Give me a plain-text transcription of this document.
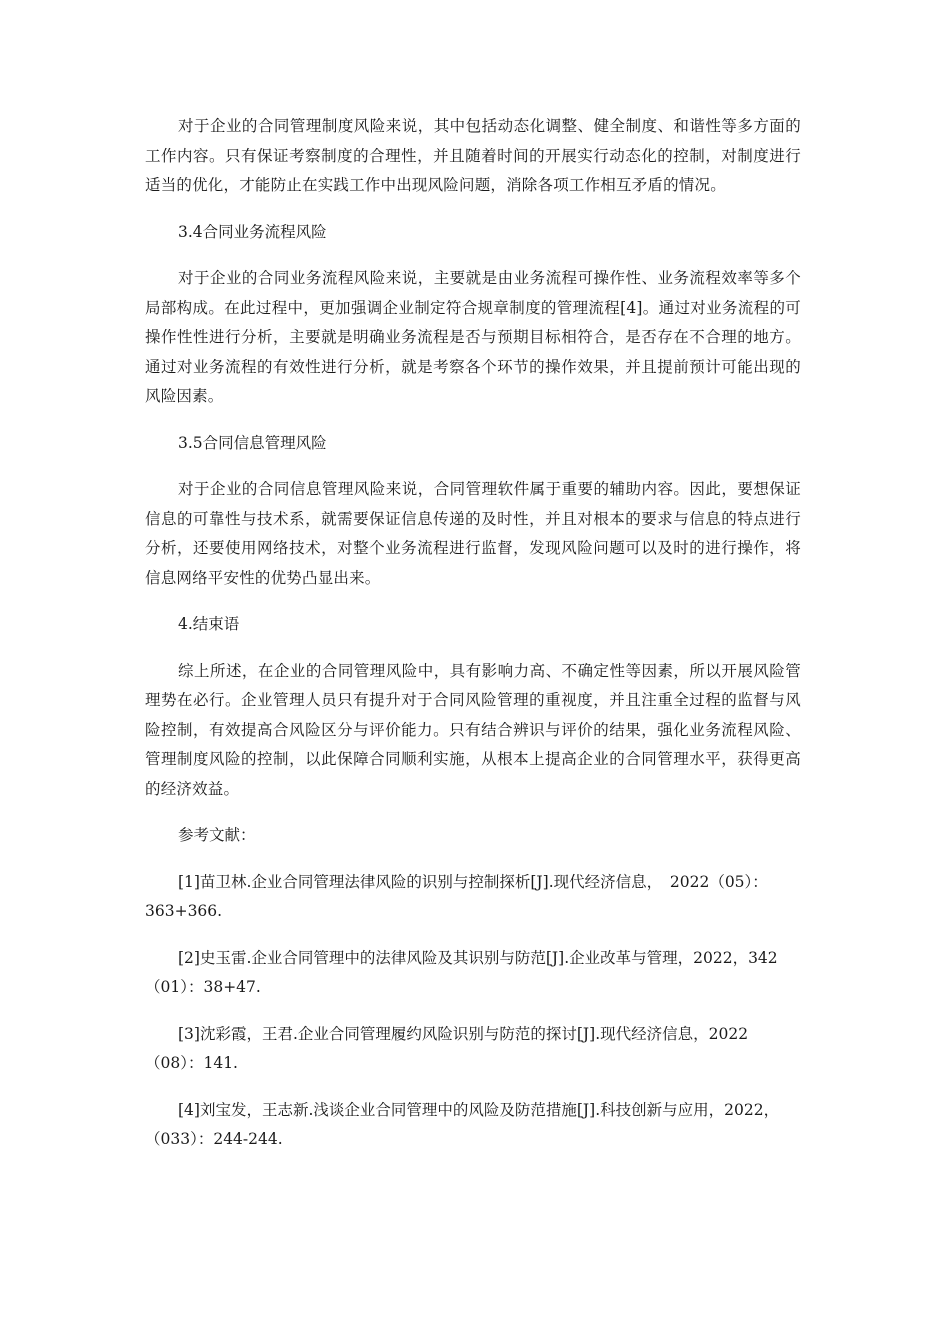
对于企业的合同管理制度风险来说，其中包括动态化调整、健全制度、和谐性等多方面的工作内容。只有保证考察制度的合理性，并且随着时间的开展实行动态化的控制，对制度进行适当的优化，才能防止在实践工作中出现风险问题，消除各项工作相互矛盾的情况。

3.4合同业务流程风险

对于企业的合同业务流程风险来说，主要就是由业务流程可操作性、业务流程效率等多个局部构成。在此过程中，更加强调企业制定符合规章制度的管理流程[4]。通过对业务流程的可操作性性进行分析，主要就是明确业务流程是否与预期目标相符合，是否存在不合理的地方。通过对业务流程的有效性进行分析，就是考察各个环节的操作效果，并且提前预计可能出现的风险因素。

3.5合同信息管理风险

对于企业的合同信息管理风险来说，合同管理软件属于重要的辅助内容。因此，要想保证信息的可靠性与技术系，就需要保证信息传递的及时性，并且对根本的要求与信息的特点进行分析，还要使用网络技术，对整个业务流程进行监督，发现风险问题可以及时的进行操作，将信息网络平安性的优势凸显出来。

4.结束语

综上所述，在企业的合同管理风险中，具有影响力高、不确定性等因素，所以开展风险管理势在必行。企业管理人员只有提升对于合同风险管理的重视度，并且注重全过程的监督与风险控制，有效提高合风险区分与评价能力。只有结合辨识与评价的结果，强化业务流程风险、管理制度风险的控制，以此保障合同顺利实施，从根本上提高企业的合同管理水平，获得更高的经济效益。

参考文献：

[1]苗卫林.企业合同管理法律风险的识别与控制探析[J].现代经济信息，　2022（05）：363+366.

[2]史玉雷.企业合同管理中的法律风险及其识别与防范[J].企业改革与管理，2022，342（01）：38+47.

[3]沈彩霞，王君.企业合同管理履约风险识别与防范的探讨[J].现代经济信息，2022（08）：141.

[4]刘宝发，王志新.浅谈企业合同管理中的风险及防范措施[J].科技创新与应用，2022，（033）：244-244.
